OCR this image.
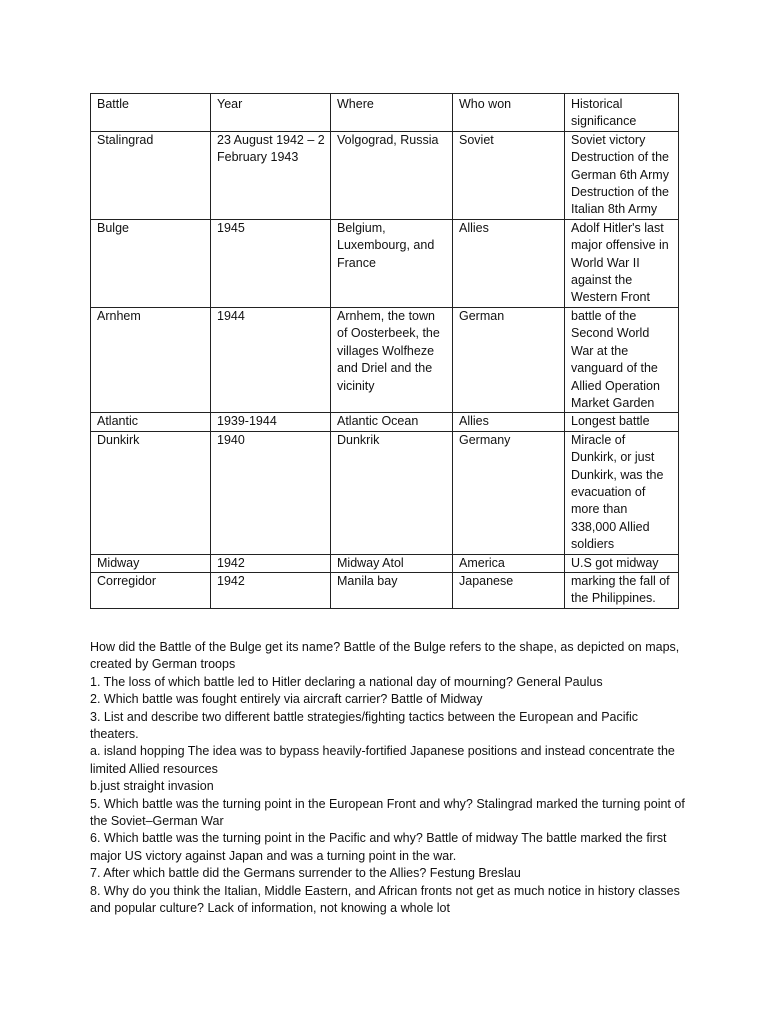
Battle	Year	Where	Who won	Historical significance
Stalingrad	23 August 1942 – 2 February 1943	Volgograd, Russia	Soviet	Soviet victory Destruction of the German 6th Army Destruction of the Italian 8th Army
Bulge	1945	Belgium, Luxembourg, and France	Allies	Adolf Hitler's last major offensive in World War II against the Western Front
Arnhem	1944	Arnhem, the town of Oosterbeek, the villages Wolfheze and Driel and the vicinity	German	battle of the Second World War at the vanguard of the Allied Operation Market Garden
Atlantic	1939-1944	Atlantic Ocean	Allies	Longest battle
Dunkirk	1940	Dunkrik	Germany	Miracle of Dunkirk, or just Dunkirk, was the evacuation of more than 338,000 Allied soldiers
Midway	1942	Midway Atol	America	U.S got midway
Corregidor	1942	Manila bay	Japanese	marking the fall of the Philippines.

How did the Battle of the Bulge get its name? Battle of the Bulge refers to the shape, as depicted on maps, created by German troops

1. The loss of which battle led to Hitler declaring a national day of mourning? General Paulus

2. Which battle was fought entirely via aircraft carrier? Battle of Midway

3. List and describe two different battle strategies/fighting tactics between the European and Pacific theaters.

a. island hopping The idea was to bypass heavily-fortified Japanese positions and instead concentrate the limited Allied resources

b.just straight invasion

5. Which battle was the turning point in the European Front and why? Stalingrad marked the turning point of the Soviet–German War

6. Which battle was the turning point in the Pacific and why? Battle of midway The battle marked the first major US victory against Japan and was a turning point in the war.

7. After which battle did the Germans surrender to the Allies? Festung Breslau

8. Why do you think the Italian, Middle Eastern, and African fronts not get as much notice in history classes and popular culture? Lack of information, not knowing a whole lot
